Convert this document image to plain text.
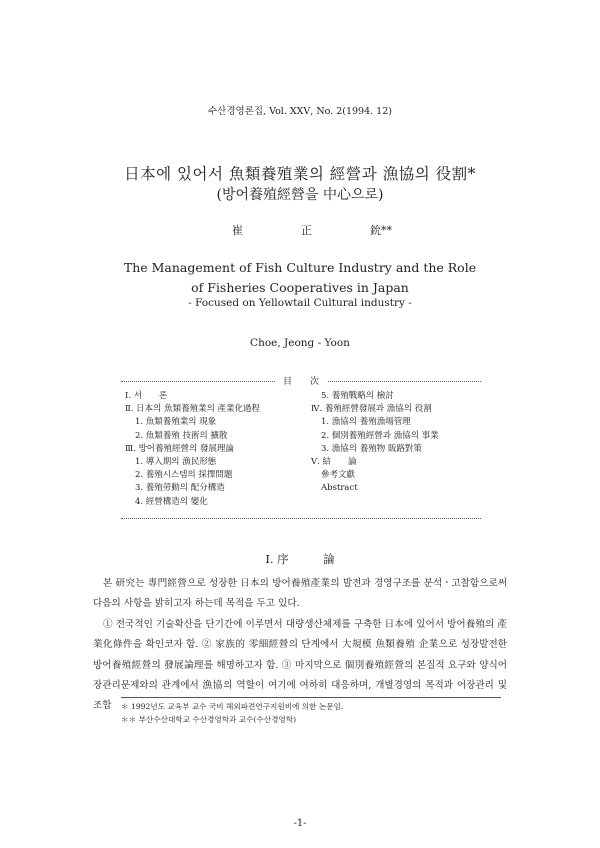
수산경영론집, Vol. ⅩⅩⅤ, No. 2(1994. 12)
日本에 있어서 魚類養殖業의 經營과 漁協의 役割*
(방어養殖經營을 中心으로)
崔	正	鈗**
The Management of Fish Culture Industry and the Role
of Fisheries Cooperatives in Japan
- Focused on Yellowtail Cultural industry -
Choe, Jeong - Yoon
目　　次
Ⅰ. 서　　론
Ⅱ. 日本의 魚類養殖業의 產業化過程
1. 魚類養殖業의 現象
2. 魚類養殖 技術의 擴散
Ⅲ. 방어養殖經營의 發展理論
1. 導入期의 漁民形態
2. 養殖시스템의 採擇問題
3. 養殖勞動의 配分構造
4. 經營構造의 變化
5. 養殖戰略의 檢討
Ⅳ. 養殖經營發展과 漁協의 役割
1. 漁協의 養殖漁場管理
2. 個別養殖經營과 漁協의 事業
3. 漁協의 養殖物 販路對策
Ⅴ. 結　　論
參考文獻
Abstract
Ⅰ. 序　　　論
본 研究는 專門經營으로 성장한 日本의 방어養殖產業의 발전과 경영구조를 분석ㆍ고찰함으로써 다음의 사항을 밝히고자 하는데 목적을 두고 있다.
① 전국적인 기술확산을 단기간에 이루면서 대량생산체제를 구축한 日本에 있어서 방어養殖의 產業化條件을 확인코자 함. ② 家族的 零細經營의 단계에서 大規模 魚類養殖 企業으로 성장발전한 방어養殖經營의 發展論理를 해명하고자 함. ③ 마지막으로 個別養殖經營의 본질적 요구와 양식어장관리문제와의 관계에서 漁協의 역할이 여기에 여하히 대응하며, 개별경영의 목적과 어장관리 및 조합	＊ 1992년도 교육부 교수 국비 해외파견연구지원비에 의한 논문임.
＊＊ 부산수산대학교 수산경영학과 교수(수산경영학)
-1-
